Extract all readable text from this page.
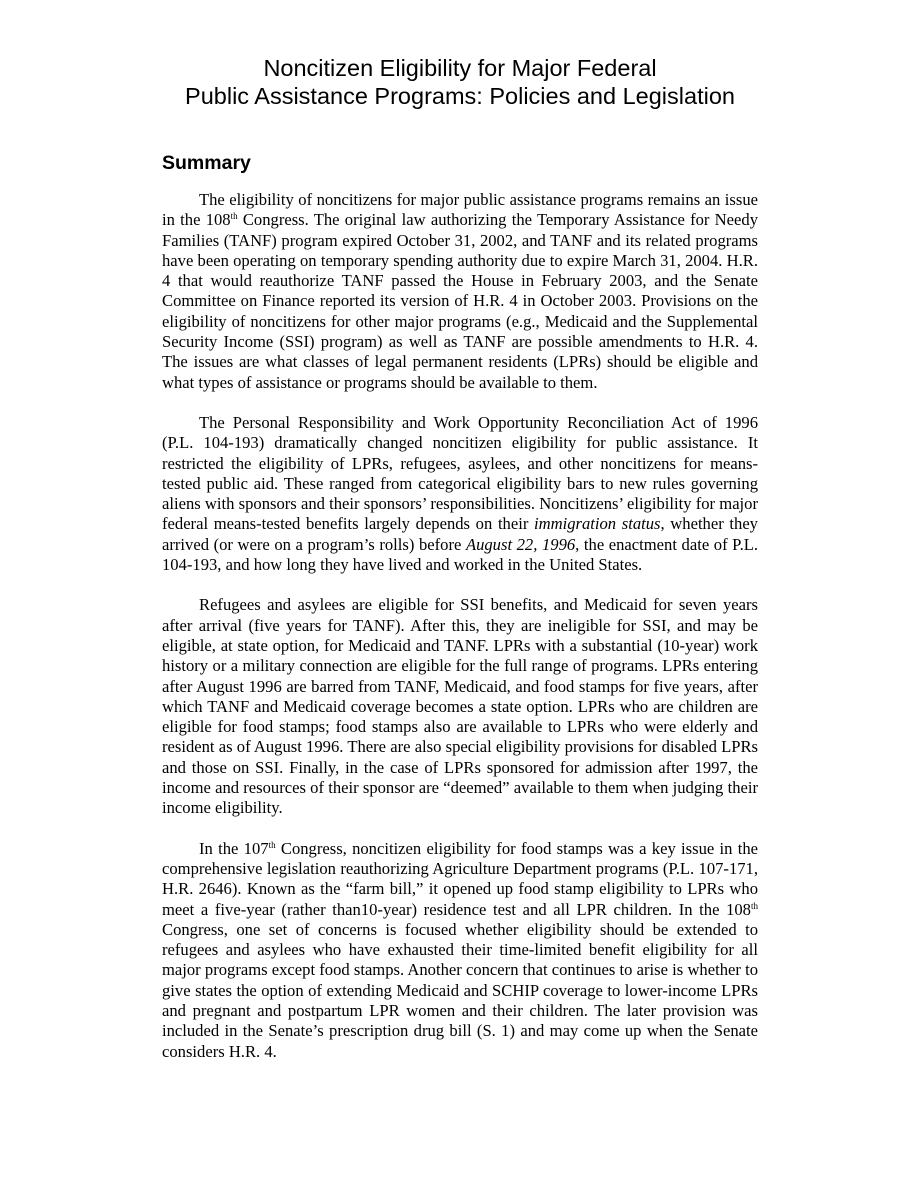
Noncitizen Eligibility for Major Federal
Public Assistance Programs: Policies and Legislation
Summary

The eligibility of noncitizens for major public assistance programs remains an issue in the 108th Congress. The original law authorizing the Temporary Assistance for Needy Families (TANF) program expired October 31, 2002, and TANF and its related programs have been operating on temporary spending authority due to expire March 31, 2004. H.R. 4 that would reauthorize TANF passed the House in February 2003, and the Senate Committee on Finance reported its version of H.R. 4 in October 2003. Provisions on the eligibility of noncitizens for other major programs (e.g., Medicaid and the Supplemental Security Income (SSI) program) as well as TANF are possible amendments to H.R. 4. The issues are what classes of legal permanent residents (LPRs) should be eligible and what types of assistance or programs should be available to them.

The Personal Responsibility and Work Opportunity Reconciliation Act of 1996 (P.L. 104-193) dramatically changed noncitizen eligibility for public assistance. It restricted the eligibility of LPRs, refugees, asylees, and other noncitizens for means-tested public aid. These ranged from categorical eligibility bars to new rules governing aliens with sponsors and their sponsors’ responsibilities. Noncitizens’ eligibility for major federal means-tested benefits largely depends on their immigration status, whether they arrived (or were on a program’s rolls) before August 22, 1996, the enactment date of P.L. 104-193, and how long they have lived and worked in the United States.

Refugees and asylees are eligible for SSI benefits, and Medicaid for seven years after arrival (five years for TANF). After this, they are ineligible for SSI, and may be eligible, at state option, for Medicaid and TANF. LPRs with a substantial (10-year) work history or a military connection are eligible for the full range of programs. LPRs entering after August 1996 are barred from TANF, Medicaid, and food stamps for five years, after which TANF and Medicaid coverage becomes a state option. LPRs who are children are eligible for food stamps; food stamps also are available to LPRs who were elderly and resident as of August 1996. There are also special eligibility provisions for disabled LPRs and those on SSI. Finally, in the case of LPRs sponsored for admission after 1997, the income and resources of their sponsor are “deemed” available to them when judging their income eligibility.

In the 107th Congress, noncitizen eligibility for food stamps was a key issue in the comprehensive legislation reauthorizing Agriculture Department programs (P.L. 107-171, H.R. 2646). Known as the “farm bill,” it opened up food stamp eligibility to LPRs who meet a five-year (rather than10-year) residence test and all LPR children. In the 108th Congress, one set of concerns is focused whether eligibility should be extended to refugees and asylees who have exhausted their time-limited benefit eligibility for all major programs except food stamps. Another concern that continues to arise is whether to give states the option of extending Medicaid and SCHIP coverage to lower-income LPRs and pregnant and postpartum LPR women and their children. The later provision was included in the Senate’s prescription drug bill (S. 1) and may come up when the Senate considers H.R. 4.
